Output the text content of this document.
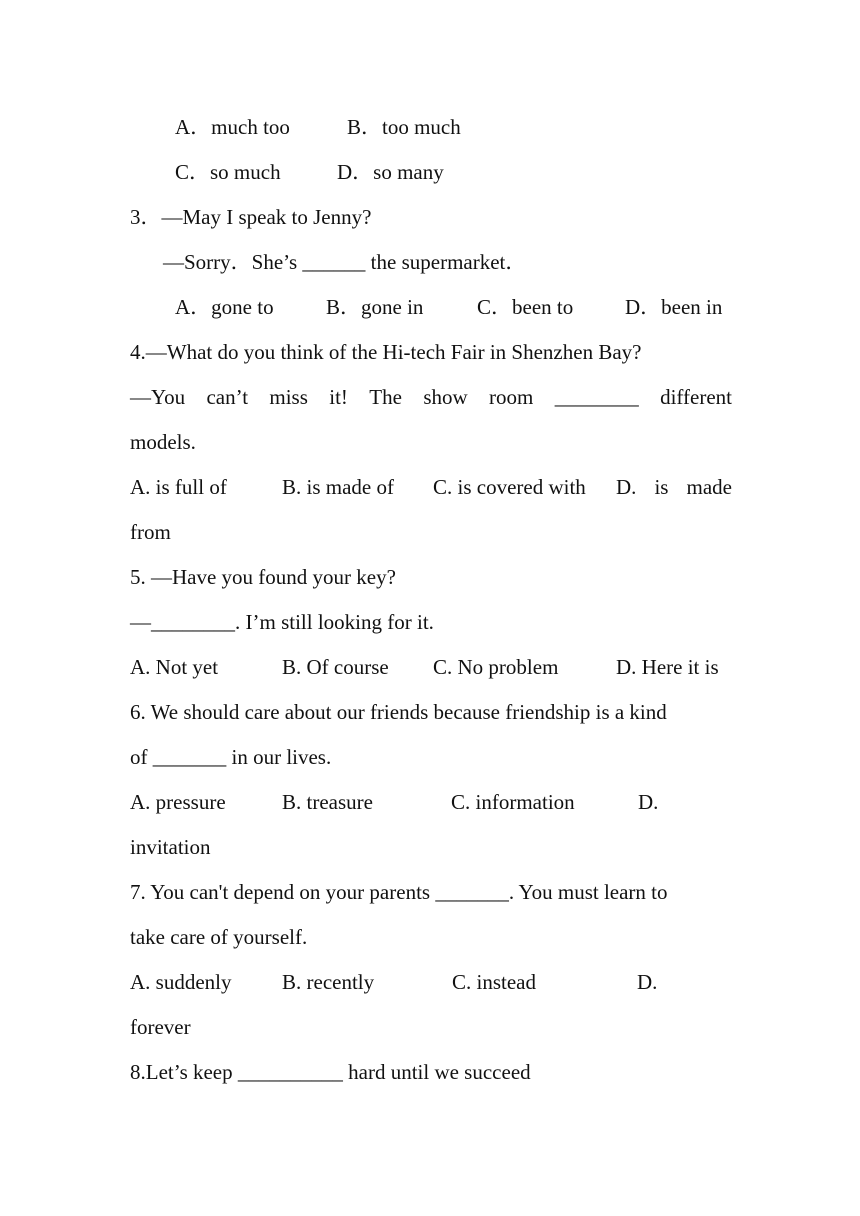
A．much too	B．too much
C．so much	D．so many
3．—May I speak to Jenny?
—Sorry．She’s ______ the supermarket．
A．gone to B．gone in	C．been to D．been in
4.—What do you think of the Hi-tech Fair in Shenzhen Bay?
—You can’t miss it! The show room ________ different
models.
A. is full of	B. is made of C. is covered with D. is made
from
5. —Have you found your key?
—________. I’m still looking for it.
A. Not yet	B. Of course C. No problem	D. Here it is
6. We should care about our friends because friendship is a kind
of _______ in our lives.
A. pressure	B. treasure	C. information	D.
invitation
7. You can't depend on your parents _______. You must learn to
take care of yourself.
A. suddenly B. recently	C. instead	D.
forever
8.Let’s keep __________ hard until we succeed
